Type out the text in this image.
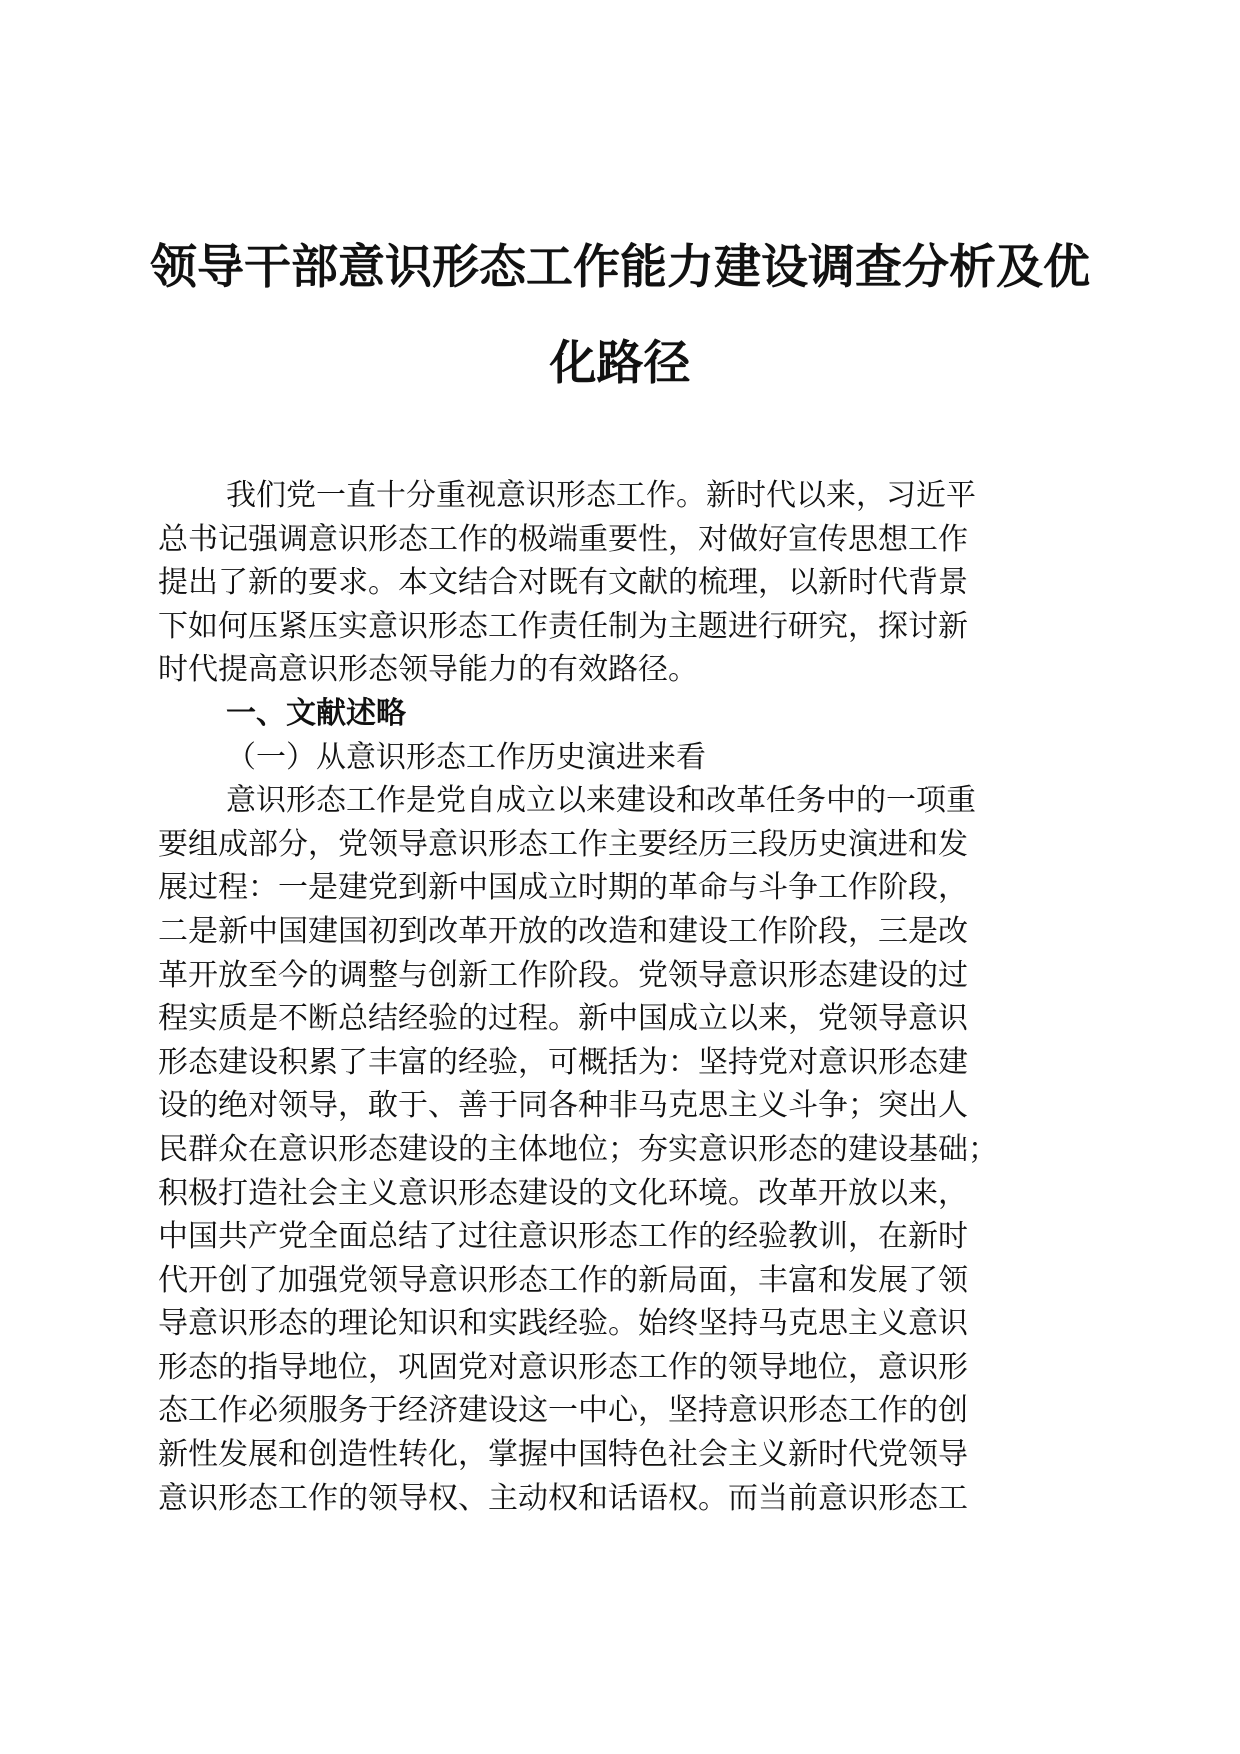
领导干部意识形态工作能力建设调查分析及优
化路径
我们党一直十分重视意识形态工作。新时代以来，习近平
总书记强调意识形态工作的极端重要性，对做好宣传思想工作
提出了新的要求。本文结合对既有文献的梳理，以新时代背景
下如何压紧压实意识形态工作责任制为主题进行研究，探讨新
时代提高意识形态领导能力的有效路径。
一、文献述略
（一）从意识形态工作历史演进来看
意识形态工作是党自成立以来建设和改革任务中的一项重
要组成部分，党领导意识形态工作主要经历三段历史演进和发
展过程：一是建党到新中国成立时期的革命与斗争工作阶段，
二是新中国建国初到改革开放的改造和建设工作阶段，三是改
革开放至今的调整与创新工作阶段。党领导意识形态建设的过
程实质是不断总结经验的过程。新中国成立以来，党领导意识
形态建设积累了丰富的经验，可概括为：坚持党对意识形态建
设的绝对领导，敢于、善于同各种非马克思主义斗争；突出人
民群众在意识形态建设的主体地位；夯实意识形态的建设基础；
积极打造社会主义意识形态建设的文化环境。改革开放以来，
中国共产党全面总结了过往意识形态工作的经验教训，在新时
代开创了加强党领导意识形态工作的新局面，丰富和发展了领
导意识形态的理论知识和实践经验。始终坚持马克思主义意识
形态的指导地位，巩固党对意识形态工作的领导地位，意识形
态工作必须服务于经济建设这一中心，坚持意识形态工作的创
新性发展和创造性转化，掌握中国特色社会主义新时代党领导
意识形态工作的领导权、主动权和话语权。而当前意识形态工
